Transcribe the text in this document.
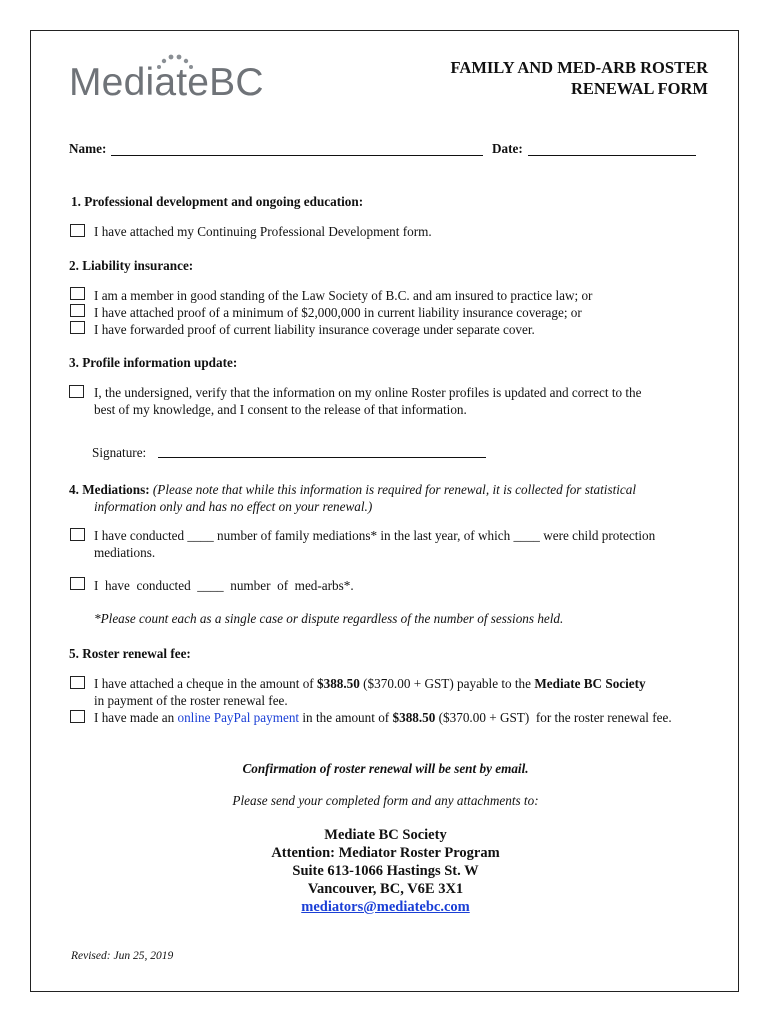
MediateBC	FAMILY AND MED-ARB ROSTER
RENEWAL FORM
Name:	Date:
1. Professional development and ongoing education:
I have attached my Continuing Professional Development form.
2. Liability insurance:
I am a member in good standing of the Law Society of B.C. and am insured to practice law; or
I have attached proof of a minimum of $2,000,000 in current liability insurance coverage; or
I have forwarded proof of current liability insurance coverage under separate cover.
3. Profile information update:
I, the undersigned, verify that the information on my online Roster profiles is updated and correct to the
best of my knowledge, and I consent to the release of that information.
Signature:
4. Mediations: (Please note that while this information is required for renewal, it is collected for statistical
information only and has no effect on your renewal.)
I have conducted ____ number of family mediations* in the last year, of which ____ were child protection
mediations.
I  have  conducted  ____  number  of  med-arbs*.
*Please count each as a single case or dispute regardless of the number of sessions held.
5. Roster renewal fee:
I have attached a cheque in the amount of $388.50 ($370.00 + GST) payable to the Mediate BC Society
in payment of the roster renewal fee.
I have made an online PayPal payment in the amount of $388.50 ($370.00 + GST)  for the roster renewal fee.
Confirmation of roster renewal will be sent by email.
Please send your completed form and any attachments to:
Mediate BC Society
Attention: Mediator Roster Program
Suite 613-1066 Hastings St. W
Vancouver, BC, V6E 3X1
mediators@mediatebc.com
Revised: Jun 25, 2019
